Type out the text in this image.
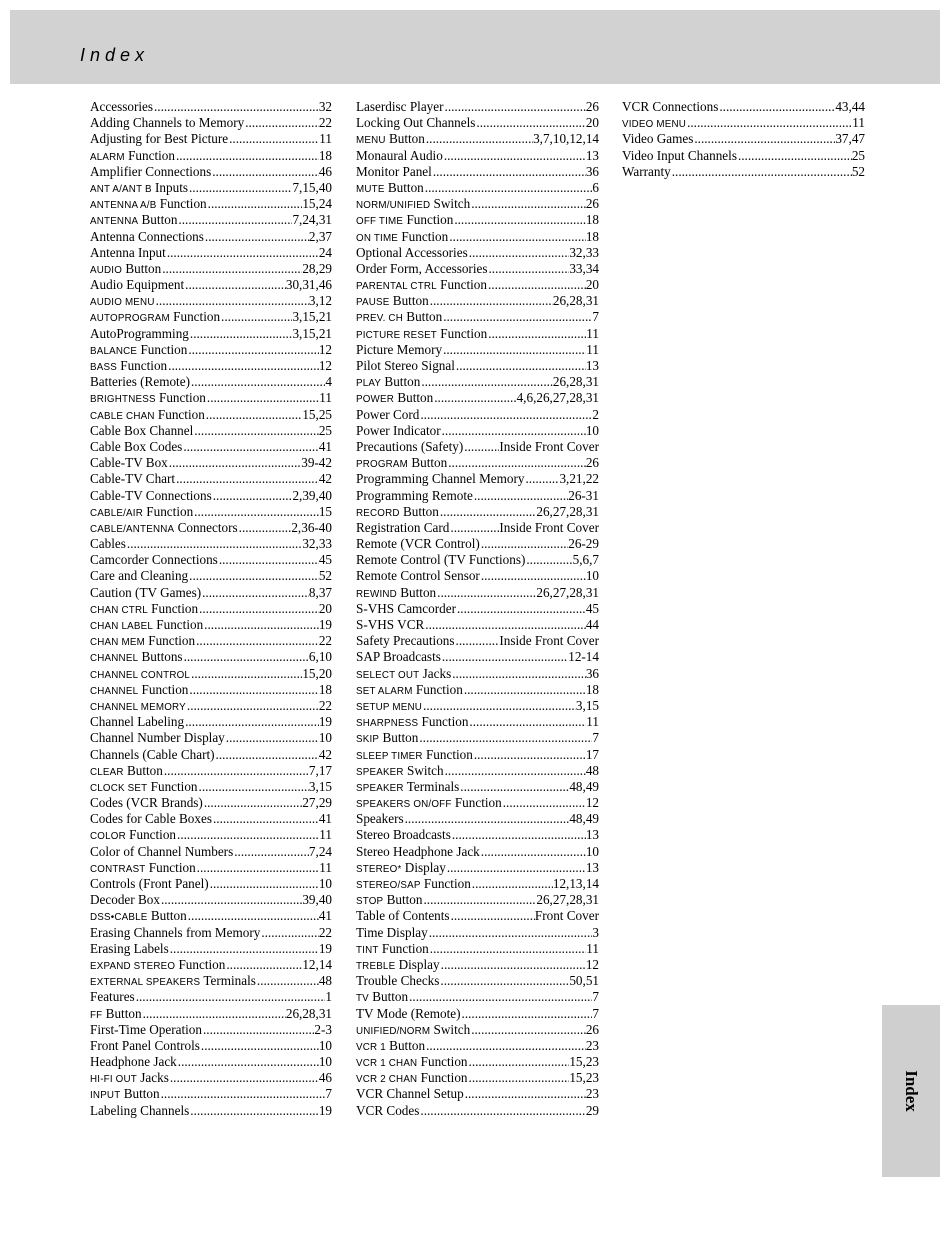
Index
Accessories .....	32
Adding Channels to Memory .....	22
Adjusting for Best Picture .....	11
ALARM Function .....	18
Amplifier Connections .....	46
ANT A/ANT B Inputs .....	7,15,40
ANTENNA A/B Function .....	15,24
ANTENNA Button .....	7,24,31
Antenna Connections .....	2,37
Antenna Input .....	24
AUDIO Button .....	28,29
Audio Equipment .....	30,31,46
AUDIO MENU .....	3,12
AUTOPROGRAM Function .....	3,15,21
AutoProgramming .....	3,15,21
BALANCE Function .....	12
BASS Function .....	12
Batteries (Remote) .....	4
BRIGHTNESS Function .....	11
CABLE CHAN Function .....	15,25
Cable Box Channel .....	25
Cable Box Codes .....	41
Cable-TV Box .....	39-42
Cable-TV Chart .....	42
Cable-TV Connections .....	2,39,40
CABLE/AIR Function .....	15
CABLE/ANTENNA Connectors .....	2,36-40
Cables .....	32,33
Camcorder Connections .....	45
Care and Cleaning .....	52
Caution (TV Games) .....	8,37
CHAN CTRL Function .....	20
CHAN LABEL Function .....	19
CHAN MEM Function .....	22
CHANNEL Buttons .....	6,10
CHANNEL CONTROL .....	15,20
CHANNEL Function .....	18
CHANNEL MEMORY .....	22
Channel Labeling .....	19
Channel Number Display .....	10
Channels (Cable Chart) .....	42
CLEAR Button .....	7,17
CLOCK SET Function .....	3,15
Codes (VCR Brands) .....	27,29
Codes for Cable Boxes .....	41
COLOR Function .....	11
Color of Channel Numbers .....	7,24
CONTRAST Function .....	11
Controls (Front Panel) .....	10
Decoder Box .....	39,40
DSS•CABLE Button .....	41
Erasing Channels from Memory .....	22
Erasing Labels .....	19
EXPAND STEREO Function .....	12,14
EXTERNAL SPEAKERS Terminals .....	48
Features .....	1
FF Button .....	26,28,31
First-Time Operation .....	2-3
Front Panel Controls .....	10
Headphone Jack .....	10
HI-FI OUT Jacks .....	46
INPUT Button .....	7
Labeling Channels .....	19
Laserdisc Player .....	26
Locking Out Channels .....	20
MENU Button .....	3,7,10,12,14
Monaural Audio .....	13
Monitor Panel .....	36
MUTE Button .....	6
NORM/UNIFIED Switch .....	26
OFF TIME Function .....	18
ON TIME Function .....	18
Optional Accessories .....	32,33
Order Form, Accessories .....	33,34
PARENTAL CTRL Function .....	20
PAUSE Button .....	26,28,31
PREV. CH Button .....	7
PICTURE RESET Function .....	11
Picture Memory .....	11
Pilot Stereo Signal .....	13
PLAY Button .....	26,28,31
POWER Button .....	4,6,26,27,28,31
Power Cord .....	2
Power Indicator .....	10
Precautions (Safety) .....	Inside Front Cover
PROGRAM Button .....	26
Programming Channel Memory .....	3,21,22
Programming Remote .....	26-31
RECORD Button .....	26,27,28,31
Registration Card .....	Inside Front Cover
Remote (VCR Control) .....	26-29
Remote Control (TV Functions) .....	5,6,7
Remote Control Sensor .....	10
REWIND Button .....	26,27,28,31
S-VHS Camcorder .....	45
S-VHS VCR .....	44
Safety Precautions .....	Inside Front Cover
SAP Broadcasts .....	12-14
SELECT OUT Jacks .....	36
SET ALARM Function .....	18
SETUP MENU .....	3,15
SHARPNESS Function .....	11
SKIP Button .....	7
SLEEP TIMER Function .....	17
SPEAKER Switch .....	48
SPEAKER Terminals .....	48,49
SPEAKERS ON/OFF Function .....	12
Speakers .....	48,49
Stereo Broadcasts .....	13
Stereo Headphone Jack .....	10
STEREO* Display .....	13
STEREO/SAP Function .....	12,13,14
STOP Button .....	26,27,28,31
Table of Contents .....	Front Cover
Time Display .....	3
TINT Function .....	11
TREBLE Display .....	12
Trouble Checks .....	50,51
TV Button .....	7
TV Mode (Remote) .....	7
UNIFIED/NORM Switch .....	26
VCR 1 Button .....	23
VCR 1 CHAN Function .....	15,23
VCR 2 CHAN Function .....	15,23
VCR Channel Setup .....	23
VCR Codes .....	29
VCR Connections .....	43,44
VIDEO MENU .....	11
Video Games .....	37,47
Video Input Channels .....	25
Warranty .....	52
Index
